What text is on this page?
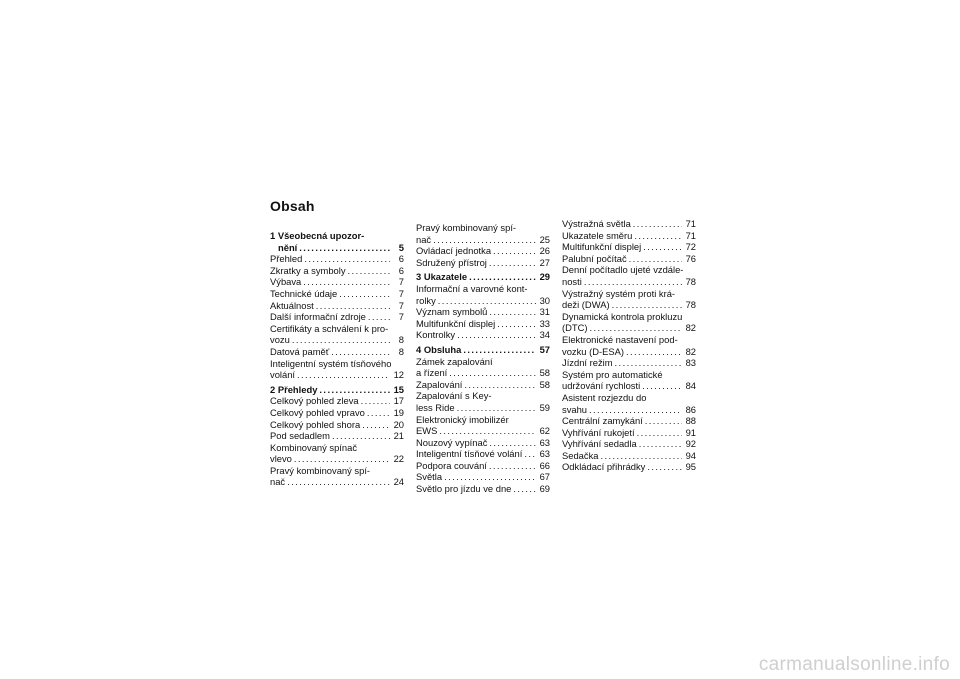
Obsah
1 Všeobecná upozor-
nění . . .	5
Přehled . . .	6
Zkratky a symboly . . .	6
Výbava . . .	7
Technické údaje . . .	7
Aktuálnost . . .	7
Další informační zdroje . . .	7
Certifikáty a schválení k pro-
vozu . . .	8
Datová paměť . . .	8
Inteligentní systém tísňového
volání . . .	12
2 Přehledy . . .	15
Celkový pohled zleva . . .	17
Celkový pohled vpravo . . .	19
Celkový pohled shora . . .	20
Pod sedadlem . . .	21
Kombinovaný spínač
vlevo . . .	22
Pravý kombinovaný spí-
nač . . .	24
Pravý kombinovaný spí-
nač . . .	25
Ovládací jednotka . . .	26
Sdružený přístroj . . .	27
3 Ukazatele . . .	29
Informační a varovné kont-
rolky . . .	30
Význam symbolů . . .	31
Multifunkční displej . . .	33
Kontrolky . . .	34
4 Obsluha . . .	57
Zámek zapalování
a řízení . . .	58
Zapalování . . .	58
Zapalování s Key-
less Ride . . .	59
Elektronický imobilizér
EWS . . .	62
Nouzový vypínač . . .	63
Inteligentní tísňové volání . . . 63
Podpora couvání . . .	66
Světla . . .	67
Světlo pro jízdu ve dne . . .	69
Výstražná světla . . .	71
Ukazatele směru . . .	71
Multifunkční displej . . .	72
Palubní počítač . . .	76
Denní počítadlo ujeté vzdále-
nosti . . .	78
Výstražný systém proti krá-
deži (DWA) . . .	78
Dynamická kontrola prokluzu
(DTC) . . .	82
Elektronické nastavení pod-
vozku (D-ESA) . . .	82
Jízdní režim . . .	83
Systém pro automatické
udržování rychlosti . . .	84
Asistent rozjezdu do
svahu . . .	86
Centrální zamykání . . .	88
Vyhřívání rukojetí . . .	91
Vyhřívání sedadla . . .	92
Sedačka . . .	94
Odkládací přihrádky . . .	95
carmanualsonline.info
